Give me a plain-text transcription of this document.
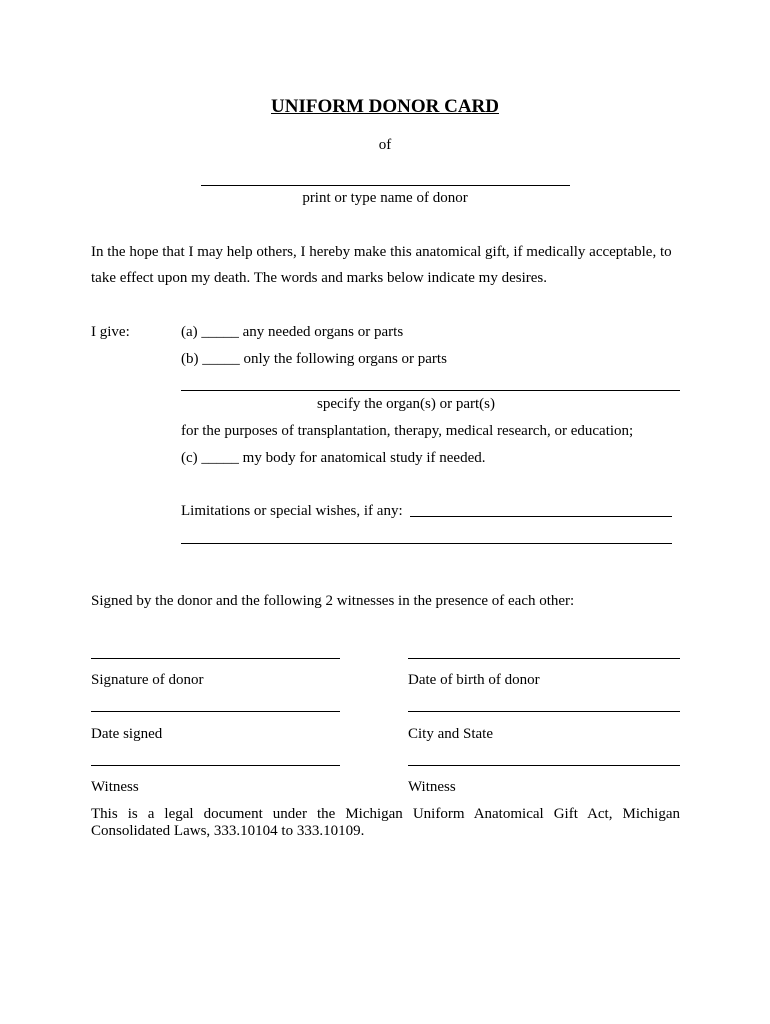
UNIFORM DONOR CARD
of
print or type name of donor
In the hope that I may help others, I hereby make this anatomical gift, if medically acceptable, to
take effect upon my death. The words and marks below indicate my desires.
I give:	(a) _____ any needed organs or parts
(b) _____ only the following organs or parts
specify the organ(s) or part(s)
for the purposes of transplantation, therapy, medical research, or education;
(c) _____ my body for anatomical study if needed.
Limitations or special wishes, if any:
Signed by the donor and the following 2 witnesses in the presence of each other:
Signature of donor	Date of birth of donor
Date signed	City and State
Witness	Witness
This is a legal document under the Michigan Uniform Anatomical Gift Act, Michigan
Consolidated Laws, 333.10104 to 333.10109.
